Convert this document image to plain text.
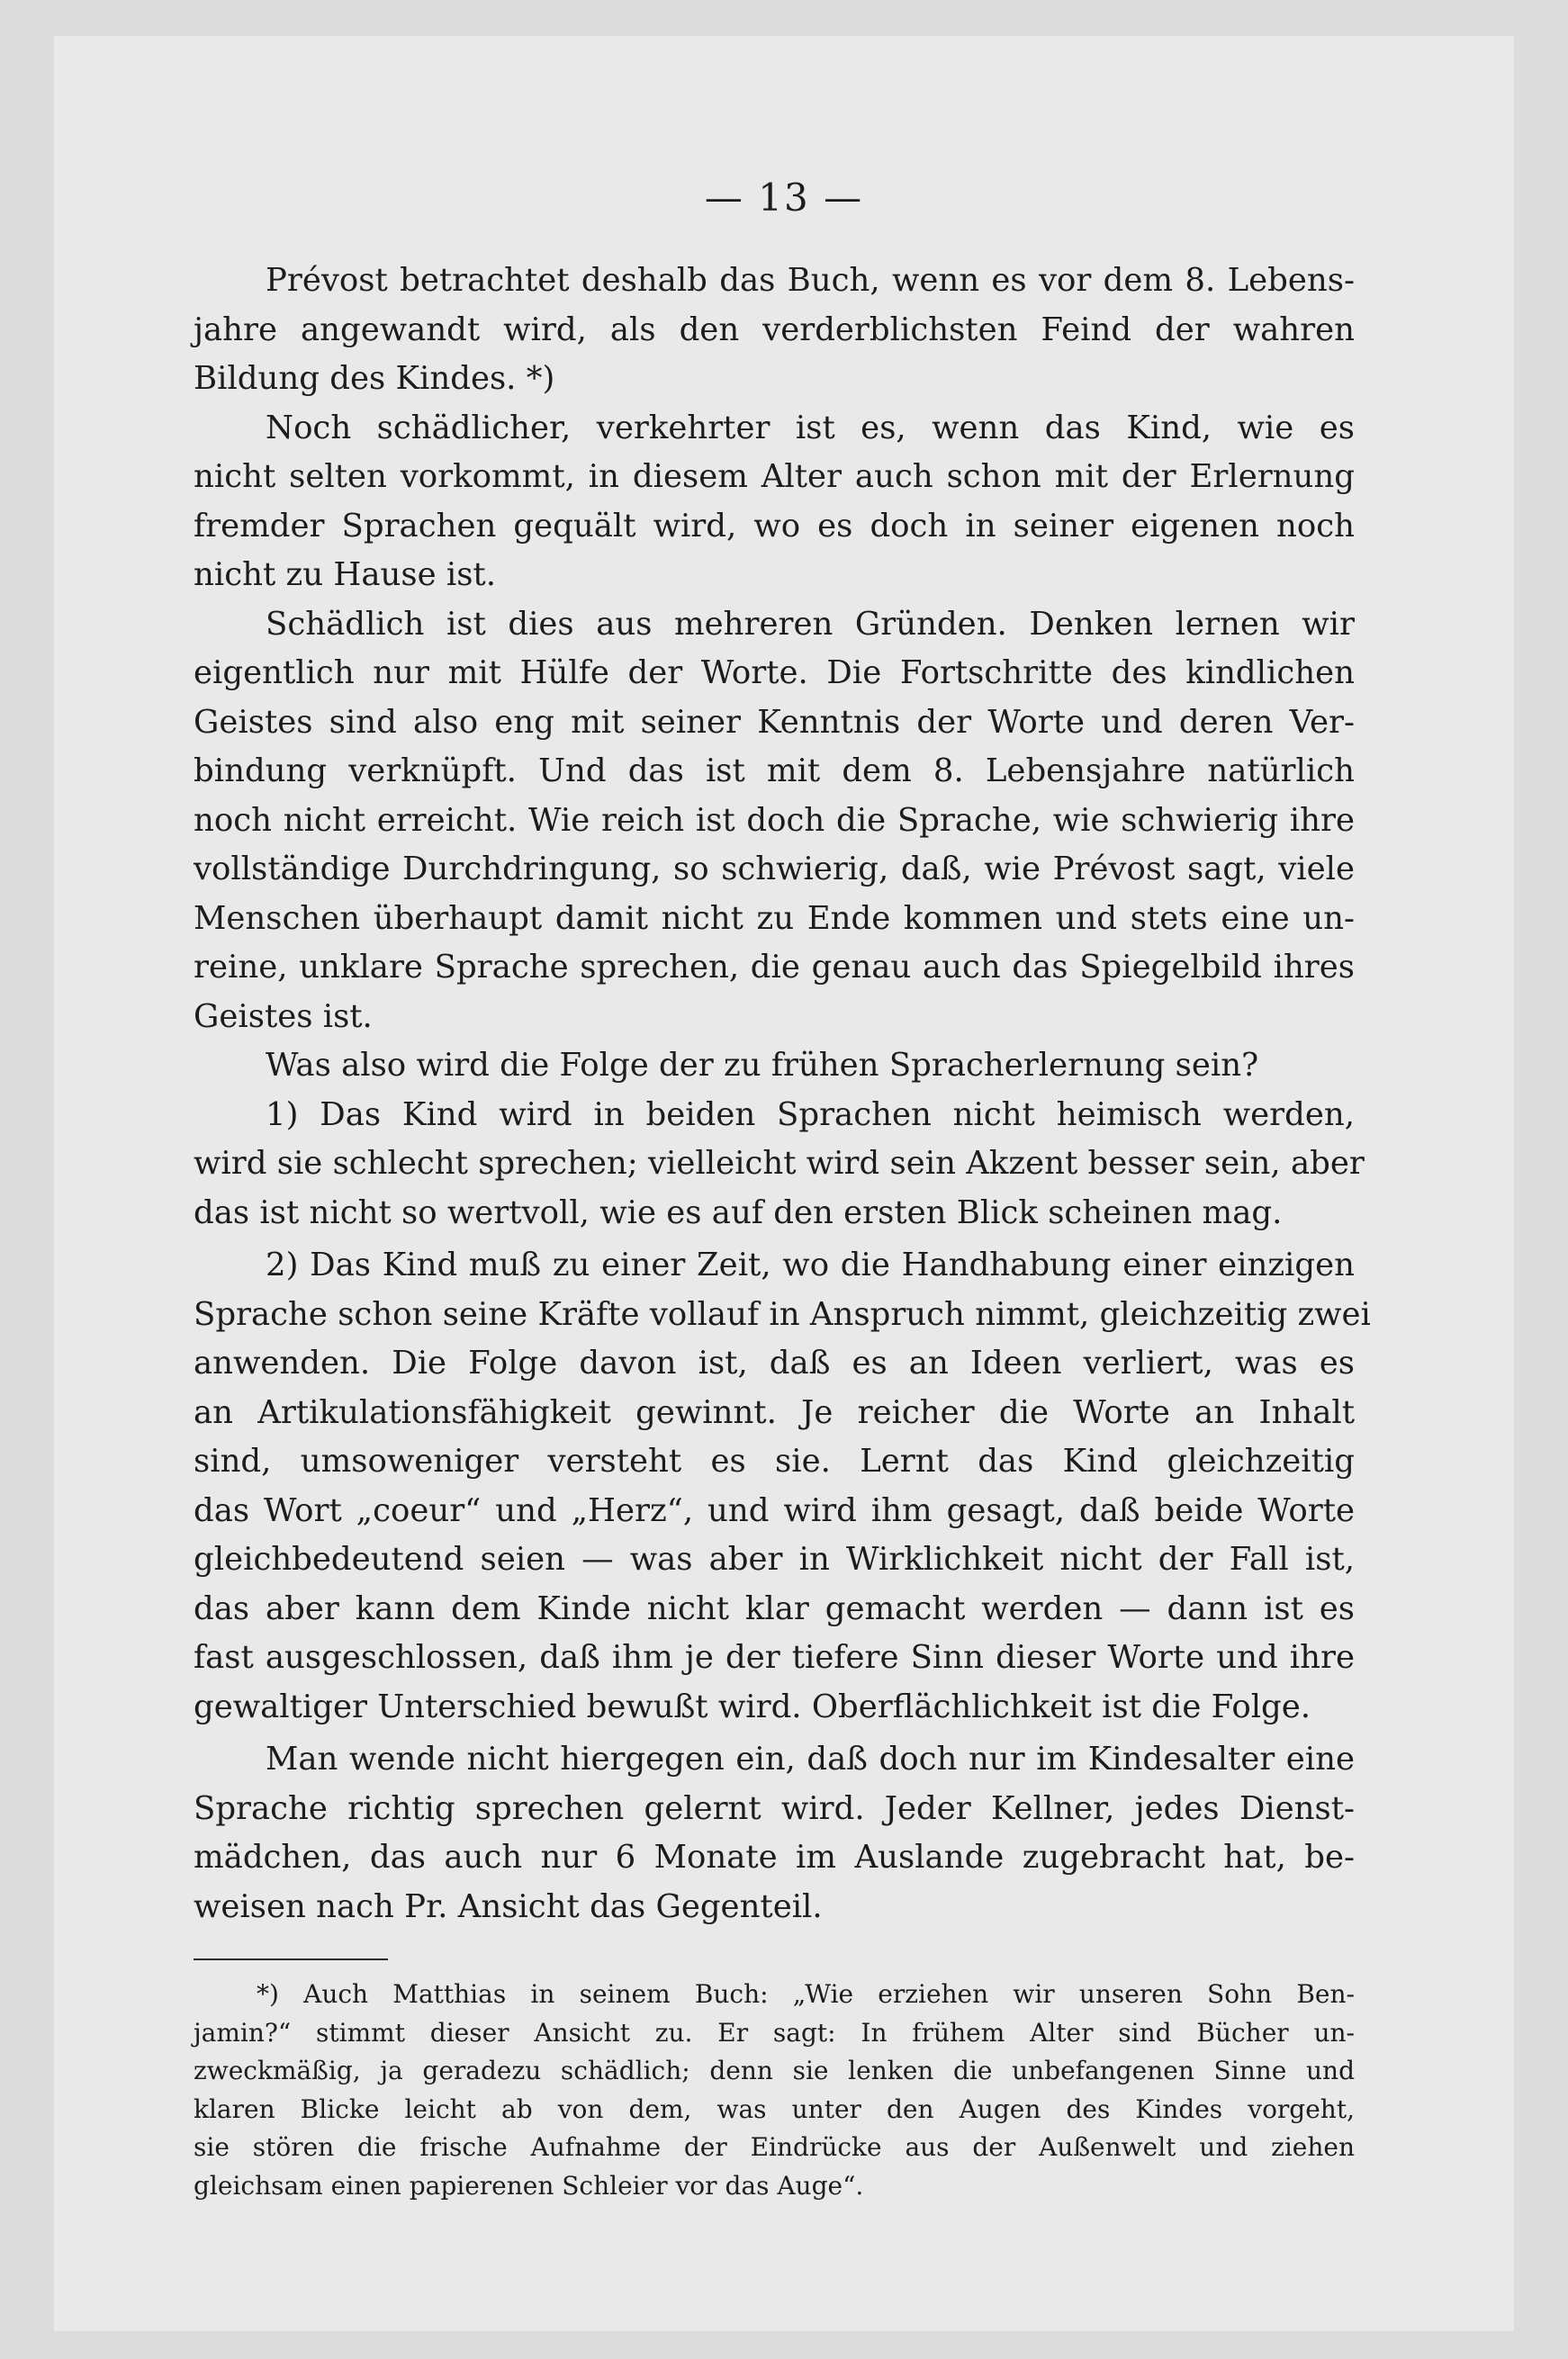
— 13 —
Prévost betrachtet deshalb das Buch, wenn es vor dem 8. Lebens-
jahre angewandt wird, als den verderblichsten Feind der wahren
Bildung des Kindes. *)
Noch schädlicher, verkehrter ist es, wenn das Kind, wie es
nicht selten vorkommt, in diesem Alter auch schon mit der Erlernung
fremder Sprachen gequält wird, wo es doch in seiner eigenen noch
nicht zu Hause ist.
Schädlich ist dies aus mehreren Gründen. Denken lernen wir
eigentlich nur mit Hülfe der Worte. Die Fortschritte des kindlichen
Geistes sind also eng mit seiner Kenntnis der Worte und deren Ver-
bindung verknüpft. Und das ist mit dem 8. Lebensjahre natürlich
noch nicht erreicht. Wie reich ist doch die Sprache, wie schwierig ihre
vollständige Durchdringung, so schwierig, daß, wie Prévost sagt, viele
Menschen überhaupt damit nicht zu Ende kommen und stets eine un-
reine, unklare Sprache sprechen, die genau auch das Spiegelbild ihres
Geistes ist.
Was also wird die Folge der zu frühen Spracherlernung sein?
1) Das Kind wird in beiden Sprachen nicht heimisch werden,
wird sie schlecht sprechen; vielleicht wird sein Akzent besser sein, aber
das ist nicht so wertvoll, wie es auf den ersten Blick scheinen mag.
2) Das Kind muß zu einer Zeit, wo die Handhabung einer einzigen
Sprache schon seine Kräfte vollauf in Anspruch nimmt, gleichzeitig zwei
anwenden. Die Folge davon ist, daß es an Ideen verliert, was es
an Artikulationsfähigkeit gewinnt. Je reicher die Worte an Inhalt
sind, umsoweniger versteht es sie. Lernt das Kind gleichzeitig
das Wort „coeur“ und „Herz“, und wird ihm gesagt, daß beide Worte
gleichbedeutend seien — was aber in Wirklichkeit nicht der Fall ist,
das aber kann dem Kinde nicht klar gemacht werden — dann ist es
fast ausgeschlossen, daß ihm je der tiefere Sinn dieser Worte und ihre
gewaltiger Unterschied bewußt wird. Oberflächlichkeit ist die Folge.
Man wende nicht hiergegen ein, daß doch nur im Kindesalter eine
Sprache richtig sprechen gelernt wird. Jeder Kellner, jedes Dienst-
mädchen, das auch nur 6 Monate im Auslande zugebracht hat, be-
weisen nach Pr. Ansicht das Gegenteil.
*) Auch Matthias in seinem Buch: „Wie erziehen wir unseren Sohn Ben-
jamin?“ stimmt dieser Ansicht zu. Er sagt: In frühem Alter sind Bücher un-
zweckmäßig, ja geradezu schädlich; denn sie lenken die unbefangenen Sinne und
klaren Blicke leicht ab von dem, was unter den Augen des Kindes vorgeht,
sie stören die frische Aufnahme der Eindrücke aus der Außenwelt und ziehen
gleichsam einen papierenen Schleier vor das Auge“.
